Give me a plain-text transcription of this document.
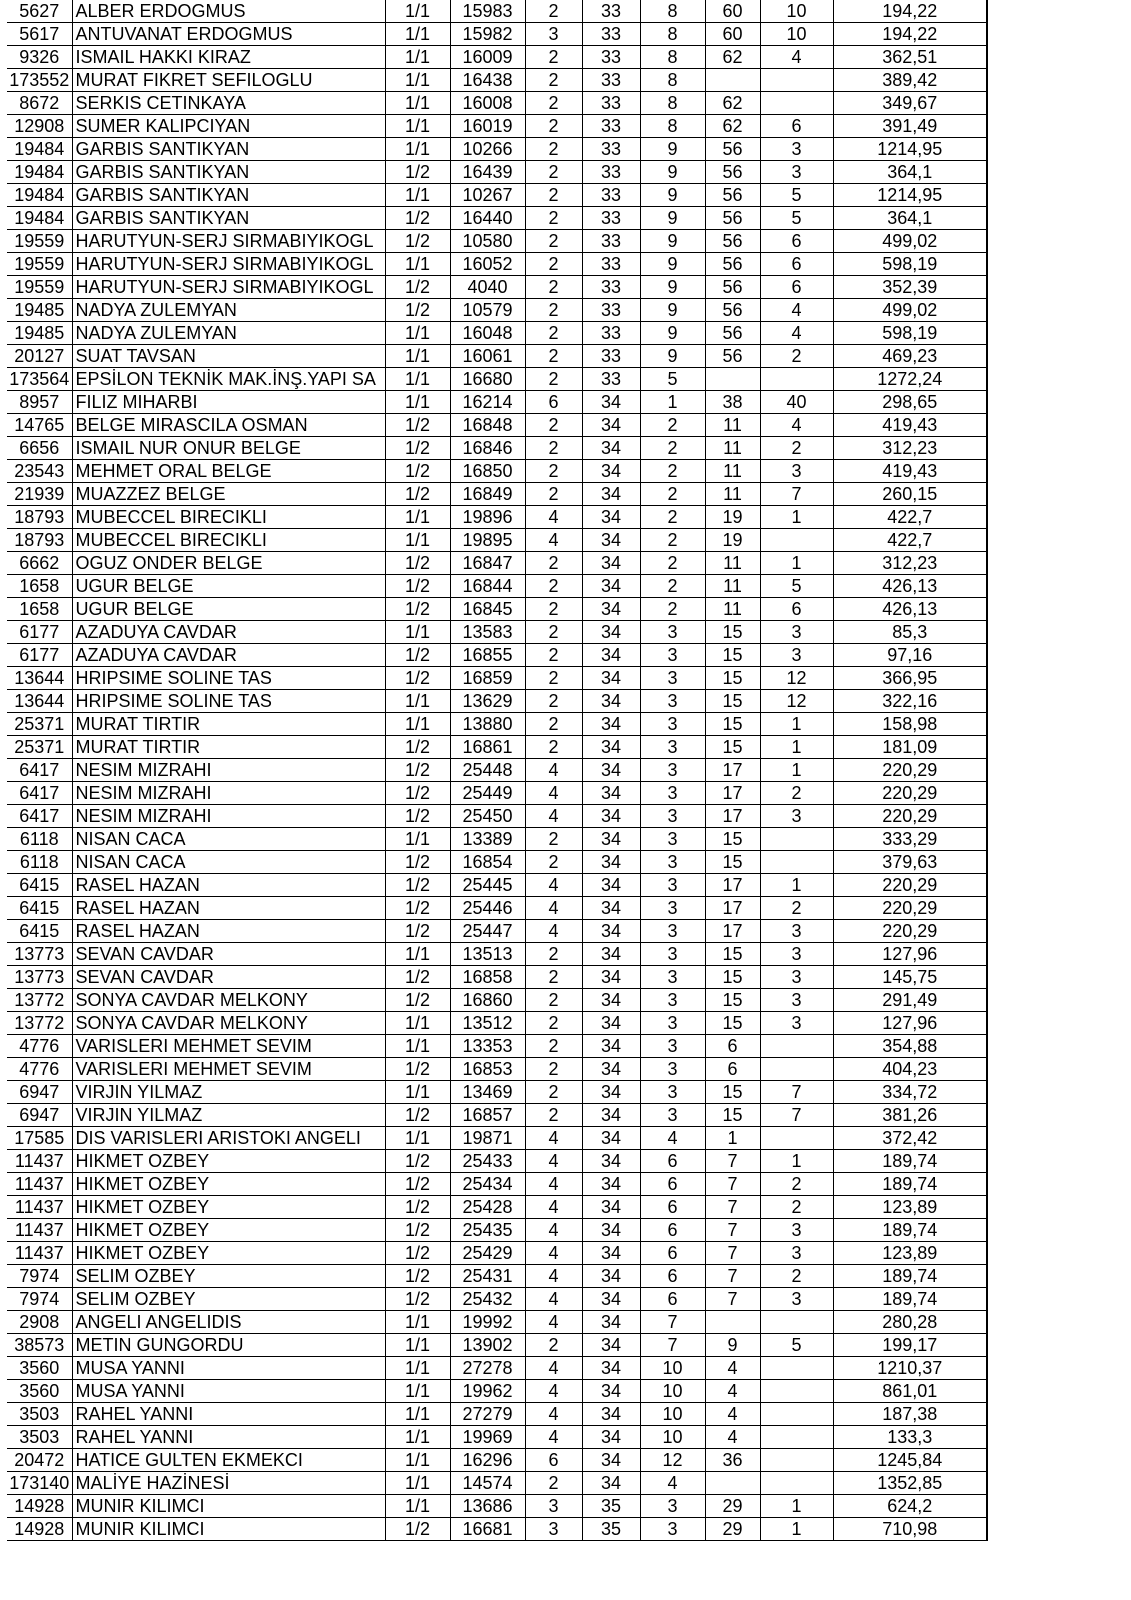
5627	ALBER ERDOGMUS	1/1	15983	2	33	8	60	10	194,22
5617	ANTUVANAT ERDOGMUS	1/1	15982	3	33	8	60	10	194,22
9326	ISMAIL HAKKI KIRAZ	1/1	16009	2	33	8	62	4	362,51
173552	MURAT FIKRET SEFILOGLU	1/1	16438	2	33	8			389,42
8672	SERKIS CETINKAYA	1/1	16008	2	33	8	62		349,67
12908	SUMER KALIPCIYAN	1/1	16019	2	33	8	62	6	391,49
19484	GARBIS SANTIKYAN	1/1	10266	2	33	9	56	3	1214,95
19484	GARBIS SANTIKYAN	1/2	16439	2	33	9	56	3	364,1
19484	GARBIS SANTIKYAN	1/1	10267	2	33	9	56	5	1214,95
19484	GARBIS SANTIKYAN	1/2	16440	2	33	9	56	5	364,1
19559	HARUTYUN-SERJ SIRMABIYIKOGL	1/2	10580	2	33	9	56	6	499,02
19559	HARUTYUN-SERJ SIRMABIYIKOGL	1/1	16052	2	33	9	56	6	598,19
19559	HARUTYUN-SERJ SIRMABIYIKOGL	1/2	4040	2	33	9	56	6	352,39
19485	NADYA ZULEMYAN	1/2	10579	2	33	9	56	4	499,02
19485	NADYA ZULEMYAN	1/1	16048	2	33	9	56	4	598,19
20127	SUAT TAVSAN	1/1	16061	2	33	9	56	2	469,23
173564	EPSİLON TEKNİK MAK.İNŞ.YAPI SA	1/1	16680	2	33	5			1272,24
8957	FILIZ MIHARBI	1/1	16214	6	34	1	38	40	298,65
14765	BELGE MIRASCILA OSMAN	1/2	16848	2	34	2	11	4	419,43
6656	ISMAIL NUR ONUR BELGE	1/2	16846	2	34	2	11	2	312,23
23543	MEHMET ORAL BELGE	1/2	16850	2	34	2	11	3	419,43
21939	MUAZZEZ BELGE	1/2	16849	2	34	2	11	7	260,15
18793	MUBECCEL BIRECIKLI	1/1	19896	4	34	2	19	1	422,7
18793	MUBECCEL BIRECIKLI	1/1	19895	4	34	2	19		422,7
6662	OGUZ ONDER BELGE	1/2	16847	2	34	2	11	1	312,23
1658	UGUR BELGE	1/2	16844	2	34	2	11	5	426,13
1658	UGUR BELGE	1/2	16845	2	34	2	11	6	426,13
6177	AZADUYA CAVDAR	1/1	13583	2	34	3	15	3	85,3
6177	AZADUYA CAVDAR	1/2	16855	2	34	3	15	3	97,16
13644	HRIPSIME SOLINE TAS	1/2	16859	2	34	3	15	12	366,95
13644	HRIPSIME SOLINE TAS	1/1	13629	2	34	3	15	12	322,16
25371	MURAT TIRTIR	1/1	13880	2	34	3	15	1	158,98
25371	MURAT TIRTIR	1/2	16861	2	34	3	15	1	181,09
6417	NESIM MIZRAHI	1/2	25448	4	34	3	17	1	220,29
6417	NESIM MIZRAHI	1/2	25449	4	34	3	17	2	220,29
6417	NESIM MIZRAHI	1/2	25450	4	34	3	17	3	220,29
6118	NISAN CACA	1/1	13389	2	34	3	15		333,29
6118	NISAN CACA	1/2	16854	2	34	3	15		379,63
6415	RASEL HAZAN	1/2	25445	4	34	3	17	1	220,29
6415	RASEL HAZAN	1/2	25446	4	34	3	17	2	220,29
6415	RASEL HAZAN	1/2	25447	4	34	3	17	3	220,29
13773	SEVAN CAVDAR	1/1	13513	2	34	3	15	3	127,96
13773	SEVAN CAVDAR	1/2	16858	2	34	3	15	3	145,75
13772	SONYA CAVDAR MELKONY	1/2	16860	2	34	3	15	3	291,49
13772	SONYA CAVDAR MELKONY	1/1	13512	2	34	3	15	3	127,96
4776	VARISLERI MEHMET SEVIM	1/1	13353	2	34	3	6		354,88
4776	VARISLERI MEHMET SEVIM	1/2	16853	2	34	3	6		404,23
6947	VIRJIN YILMAZ	1/1	13469	2	34	3	15	7	334,72
6947	VIRJIN YILMAZ	1/2	16857	2	34	3	15	7	381,26
17585	DIS VARISLERI ARISTOKI ANGELI	1/1	19871	4	34	4	1		372,42
11437	HIKMET OZBEY	1/2	25433	4	34	6	7	1	189,74
11437	HIKMET OZBEY	1/2	25434	4	34	6	7	2	189,74
11437	HIKMET OZBEY	1/2	25428	4	34	6	7	2	123,89
11437	HIKMET OZBEY	1/2	25435	4	34	6	7	3	189,74
11437	HIKMET OZBEY	1/2	25429	4	34	6	7	3	123,89
7974	SELIM OZBEY	1/2	25431	4	34	6	7	2	189,74
7974	SELIM OZBEY	1/2	25432	4	34	6	7	3	189,74
2908	ANGELI ANGELIDIS	1/1	19992	4	34	7			280,28
38573	METIN GUNGORDU	1/1	13902	2	34	7	9	5	199,17
3560	MUSA YANNI	1/1	27278	4	34	10	4		1210,37
3560	MUSA YANNI	1/1	19962	4	34	10	4		861,01
3503	RAHEL YANNI	1/1	27279	4	34	10	4		187,38
3503	RAHEL YANNI	1/1	19969	4	34	10	4		133,3
20472	HATICE GULTEN EKMEKCI	1/1	16296	6	34	12	36		1245,84
173140	MALİYE HAZİNESİ	1/1	14574	2	34	4			1352,85
14928	MUNIR KILIMCI	1/1	13686	3	35	3	29	1	624,2
14928	MUNIR KILIMCI	1/2	16681	3	35	3	29	1	710,98
